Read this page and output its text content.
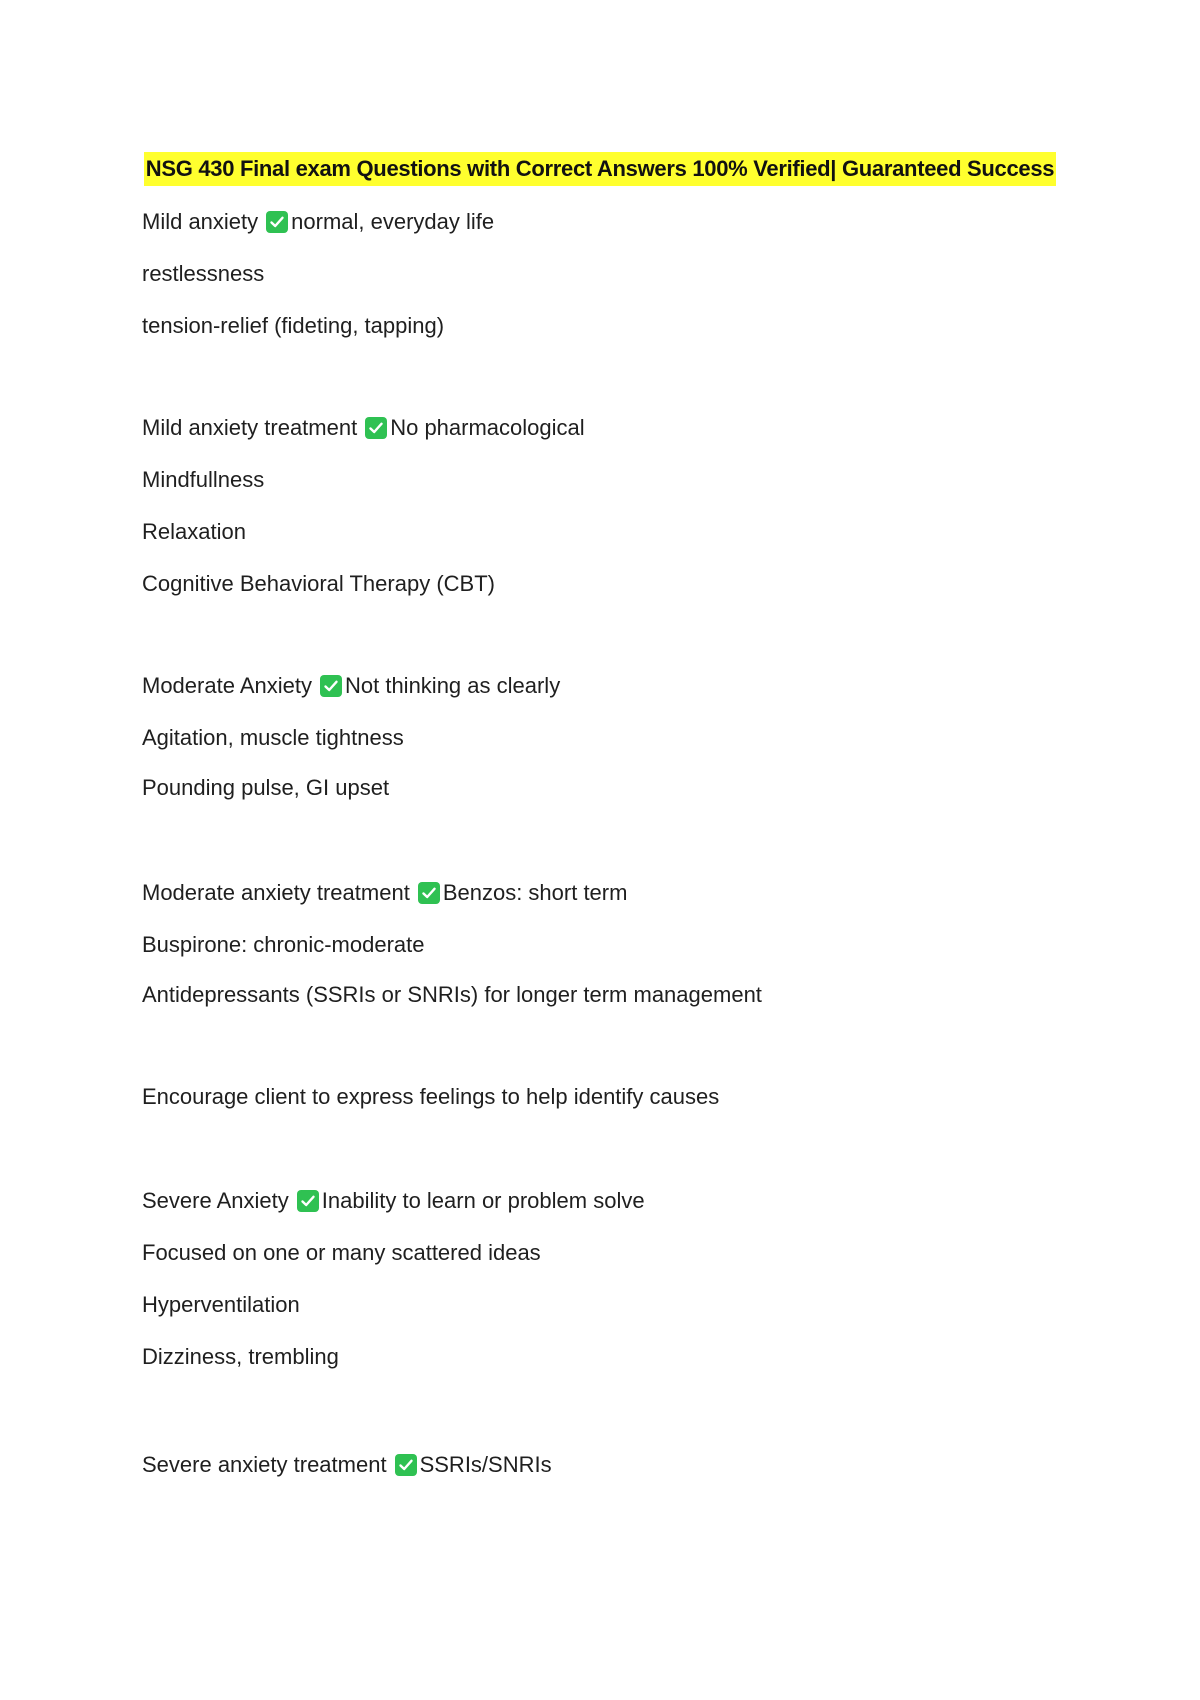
NSG 430 Final exam Questions with Correct Answers 100% Verified| Guaranteed Success

Mild anxiety normal, everyday life

restlessness

tension-relief (fideting, tapping)

Mild anxiety treatment No pharmacological

Mindfullness

Relaxation

Cognitive Behavioral Therapy (CBT)

Moderate Anxiety Not thinking as clearly

Agitation, muscle tightness

Pounding pulse, GI upset

Moderate anxiety treatment Benzos: short term

Buspirone: chronic-moderate

Antidepressants (SSRIs or SNRIs) for longer term management

Encourage client to express feelings to help identify causes

Severe Anxiety Inability to learn or problem solve

Focused on one or many scattered ideas

Hyperventilation

Dizziness, trembling

Severe anxiety treatment SSRIs/SNRIs
